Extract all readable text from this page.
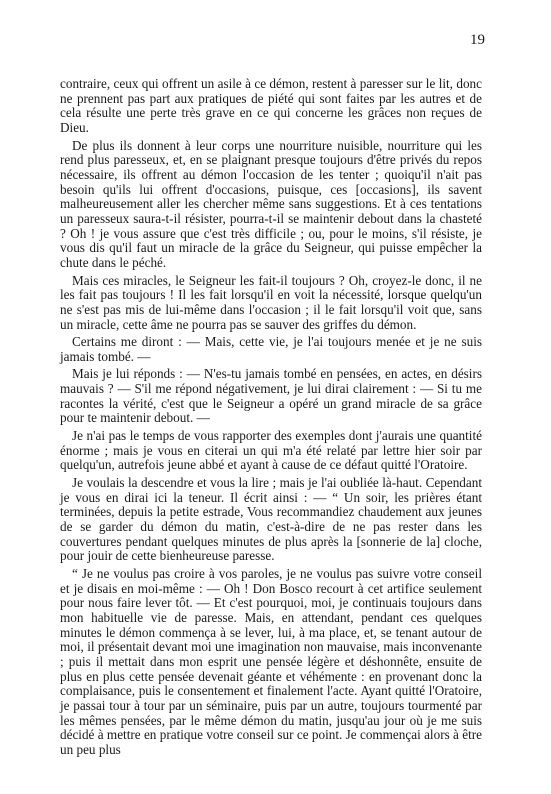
19

contraire, ceux qui offrent un asile à ce démon, restent à paresser sur le lit, donc ne prennent pas part aux pratiques de piété qui sont faites par les autres et de cela résulte une perte très grave en ce qui concerne les grâces non reçues de Dieu.

De plus ils donnent à leur corps une nourriture nuisible, nourriture qui les rend plus paresseux, et, en se plaignant presque toujours d'être privés du repos nécessaire, ils offrent au démon l'occasion de les tenter ; quoiqu'il n'ait pas besoin qu'ils lui offrent d'occasions, puisque, ces [occasions], ils savent malheureusement aller les chercher même sans suggestions. Et à ces tentations un paresseux saura-t-il résister, pourra-t-il se maintenir debout dans la chasteté ? Oh ! je vous assure que c'est très difficile ; ou, pour le moins, s'il résiste, je vous dis qu'il faut un miracle de la grâce du Seigneur, qui puisse empêcher la chute dans le péché.

Mais ces miracles, le Seigneur les fait-il toujours ? Oh, croyez-le donc, il ne les fait pas toujours ! Il les fait lorsqu'il en voit la nécessité, lorsque quelqu'un ne s'est pas mis de lui-même dans l'occasion ; il le fait lorsqu'il voit que, sans un miracle, cette âme ne pourra pas se sauver des griffes du démon.

Certains me diront : — Mais, cette vie, je l'ai toujours menée et je ne suis jamais tombé. —

Mais je lui réponds : — N'es-tu jamais tombé en pensées, en actes, en désirs mauvais ? — S'il me répond négativement, je lui dirai clairement : — Si tu me racontes la vérité, c'est que le Seigneur a opéré un grand miracle de sa grâce pour te maintenir debout. —

Je n'ai pas le temps de vous rapporter des exemples dont j'aurais une quantité énorme ; mais je vous en citerai un qui m'a été relaté par lettre hier soir par quelqu'un, autrefois jeune abbé et ayant à cause de ce défaut quitté l'Oratoire.

Je voulais la descendre et vous la lire ; mais je l'ai oubliée là-haut. Cependant je vous en dirai ici la teneur. Il écrit ainsi : — “ Un soir, les prières étant terminées, depuis la petite estrade, Vous recommandiez chaudement aux jeunes de se garder du démon du matin, c'est-à-dire de ne pas rester dans les couvertures pendant quelques minutes de plus après la [sonnerie de la] cloche, pour jouir de cette bienheureuse paresse.

“ Je ne voulus pas croire à vos paroles, je ne voulus pas suivre votre conseil et je disais en moi-même : — Oh ! Don Bosco recourt à cet artifice seulement pour nous faire lever tôt. — Et c'est pourquoi, moi, je continuais toujours dans mon habituelle vie de paresse. Mais, en attendant, pendant ces quelques minutes le démon commença à se lever, lui, à ma place, et, se tenant autour de moi, il présentait devant moi une imagination non mauvaise, mais inconvenante ; puis il mettait dans mon esprit une pensée légère et déshonnête, ensuite de plus en plus cette pensée devenait géante et véhémente : en provenant donc la complaisance, puis le consentement et finalement l'acte. Ayant quitté l'Oratoire, je passai tour à tour par un séminaire, puis par un autre, toujours tourmenté par les mêmes pensées, par le même démon du matin, jusqu'au jour où je me suis décidé à mettre en pratique votre conseil sur ce point. Je commençai alors à être un peu plus
